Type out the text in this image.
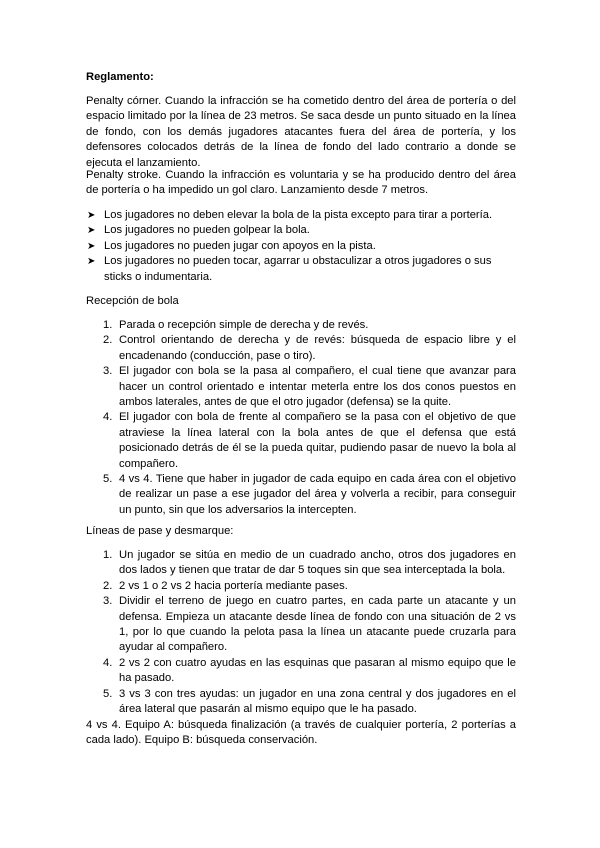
Reglamento:

Penalty córner. Cuando la infracción se ha cometido dentro del área de portería o del espacio limitado por la línea de 23 metros. Se saca desde un punto situado en la línea de fondo, con los demás jugadores atacantes fuera del área de portería, y los defensores colocados detrás de la línea de fondo del lado contrario a donde se ejecuta el lanzamiento.

Penalty stroke. Cuando la infracción es voluntaria y se ha producido dentro del área de portería o ha impedido un gol claro. Lanzamiento desde 7 metros.

➤ Los jugadores no deben elevar la bola de la pista excepto para tirar a portería.
➤ Los jugadores no pueden golpear la bola.
➤ Los jugadores no pueden jugar con apoyos en la pista.
➤ Los jugadores no pueden tocar, agarrar u obstaculizar a otros jugadores o sus sticks o indumentaria.

Recepción de bola

1. Parada o recepción simple de derecha y de revés.
2. Control orientando de derecha y de revés: búsqueda de espacio libre y el encadenando (conducción, pase o tiro).
3. El jugador con bola se la pasa al compañero, el cual tiene que avanzar para hacer un control orientado e intentar meterla entre los dos conos puestos en ambos laterales, antes de que el otro jugador (defensa) se la quite.
4. El jugador con bola de frente al compañero se la pasa con el objetivo de que atraviese la línea lateral con la bola antes de que el defensa que está posicionado detrás de él se la pueda quitar, pudiendo pasar de nuevo la bola al compañero.
5. 4 vs 4. Tiene que haber in jugador de cada equipo en cada área con el objetivo de realizar un pase a ese jugador del área y volverla a recibir, para conseguir un punto, sin que los adversarios la intercepten.

Líneas de pase y desmarque:

1. Un jugador se sitúa en medio de un cuadrado ancho, otros dos jugadores en dos lados y tienen que tratar de dar 5 toques sin que sea interceptada la bola.
2. 2 vs 1 o 2 vs 2 hacia portería mediante pases.
3. Dividir el terreno de juego en cuatro partes, en cada parte un atacante y un defensa. Empieza un atacante desde línea de fondo con una situación de 2 vs 1, por lo que cuando la pelota pasa la línea un atacante puede cruzarla para ayudar al compañero.
4. 2 vs 2 con cuatro ayudas en las esquinas que pasaran al mismo equipo que le ha pasado.
5. 3 vs 3 con tres ayudas: un jugador en una zona central y dos jugadores en el área lateral que pasarán al mismo equipo que le ha pasado.

4 vs 4. Equipo A: búsqueda finalización (a través de cualquier portería, 2 porterías a cada lado). Equipo B: búsqueda conservación.
